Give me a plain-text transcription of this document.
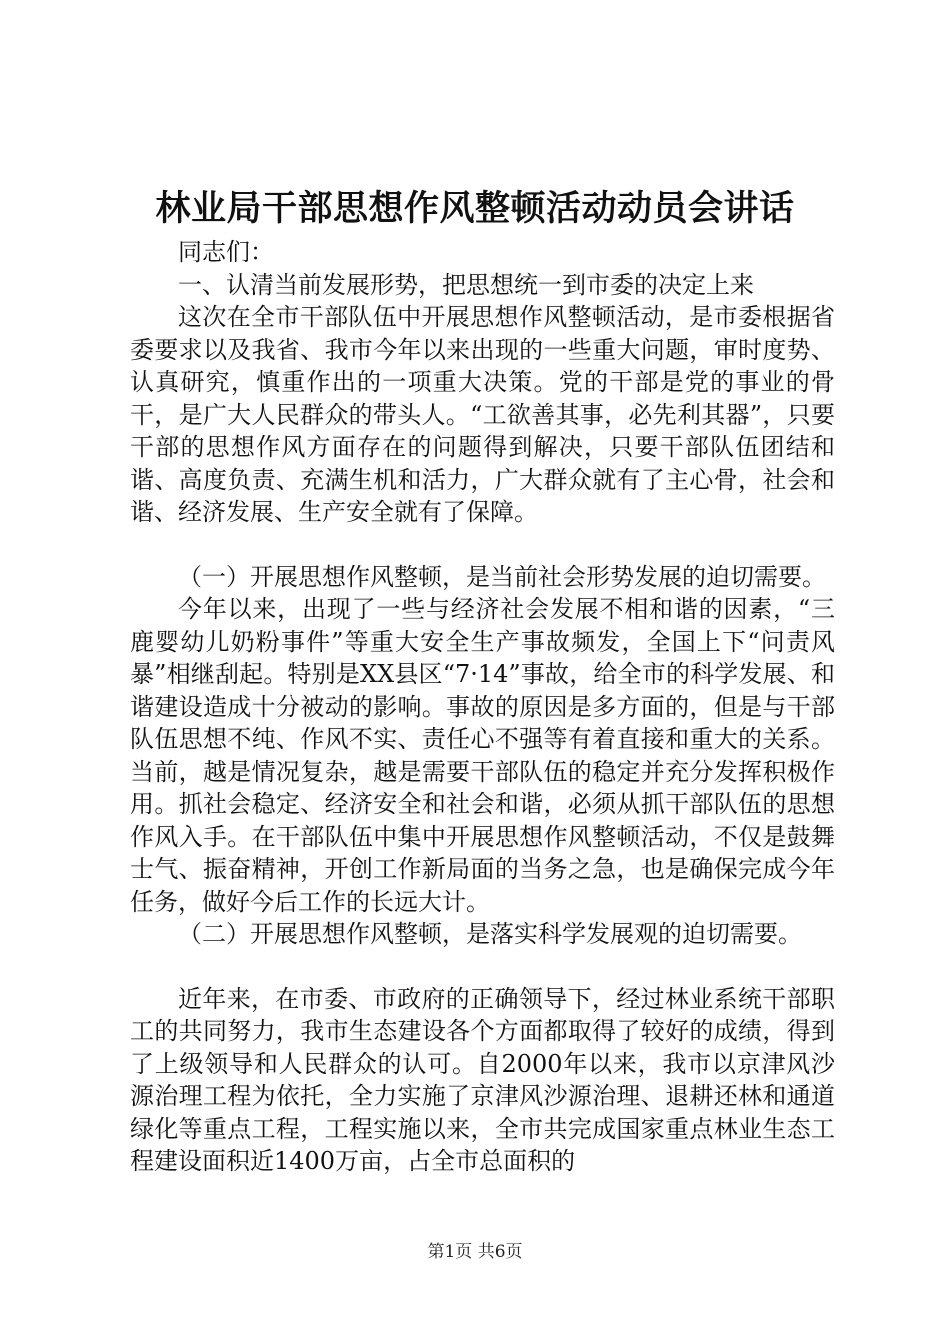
林业局干部思想作风整顿活动动员会讲话

同志们：

一、认清当前发展形势，把思想统一到市委的决定上来

这次在全市干部队伍中开展思想作风整顿活动，是市委根据省委要求以及我省、我市今年以来出现的一些重大问题，审时度势、认真研究，慎重作出的一项重大决策。党的干部是党的事业的骨干，是广大人民群众的带头人。“工欲善其事，必先利其器”，只要干部的思想作风方面存在的问题得到解决，只要干部队伍团结和谐、高度负责、充满生机和活力，广大群众就有了主心骨，社会和谐、经济发展、生产安全就有了保障。

（一）开展思想作风整顿，是当前社会形势发展的迫切需要。

今年以来，出现了一些与经济社会发展不相和谐的因素，“三鹿婴幼儿奶粉事件”等重大安全生产事故频发，全国上下“问责风暴”相继刮起。特别是XX县区“7·14”事故，给全市的科学发展、和谐建设造成十分被动的影响。事故的原因是多方面的，但是与干部队伍思想不纯、作风不实、责任心不强等有着直接和重大的关系。当前，越是情况复杂，越是需要干部队伍的稳定并充分发挥积极作用。抓社会稳定、经济安全和社会和谐，必须从抓干部队伍的思想作风入手。在干部队伍中集中开展思想作风整顿活动，不仅是鼓舞士气、振奋精神，开创工作新局面的当务之急，也是确保完成今年任务，做好今后工作的长远大计。

（二）开展思想作风整顿，是落实科学发展观的迫切需要。

近年来，在市委、市政府的正确领导下，经过林业系统干部职工的共同努力，我市生态建设各个方面都取得了较好的成绩，得到了上级领导和人民群众的认可。自2000年以来，我市以京津风沙源治理工程为依托，全力实施了京津风沙源治理、退耕还林和通道绿化等重点工程，工程实施以来，全市共完成国家重点林业生态工程建设面积近1400万亩，占全市总面积的

第1页 共6页
